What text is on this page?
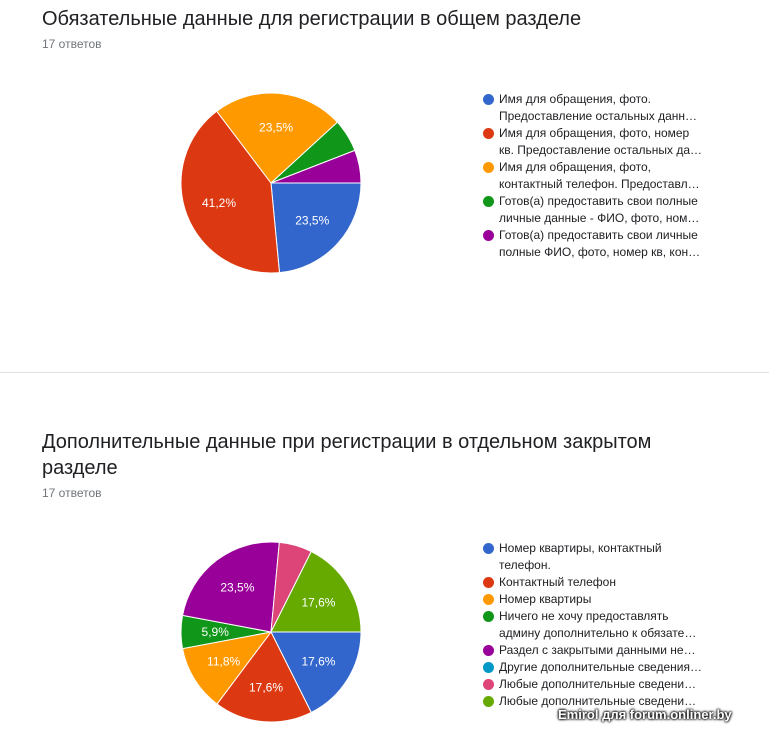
Обязательные данные для регистрации в общем разделе
17 ответов
23,5%
41,2%
23,5%
Имя для обращения, фото.
Предоставление остальных данн…
Имя для обращения, фото, номер
кв. Предоставление остальных да…
Имя для обращения, фото,
контактный телефон. Предоставл…
Готов(а) предоставить свои полные
личные данные - ФИО, фото, ном…
Готов(а) предоставить свои личные
полные ФИО, фото, номер кв, кон…
Дополнительные данные при регистрации в отдельном закрытом разделе
17 ответов
17,6%
17,6%
11,8%
5,9%
23,5%
17,6%
Номер квартиры, контактный
телефон.
Контактный телефон
Номер квартиры
Ничего не хочу предоставлять
админу дополнительно к обязате…
Раздел с закрытыми данными не…
Другие дополнительные сведения…
Любые дополнительные сведени…
Любые дополнительные сведени…
Emirol для forum.onliner.by
